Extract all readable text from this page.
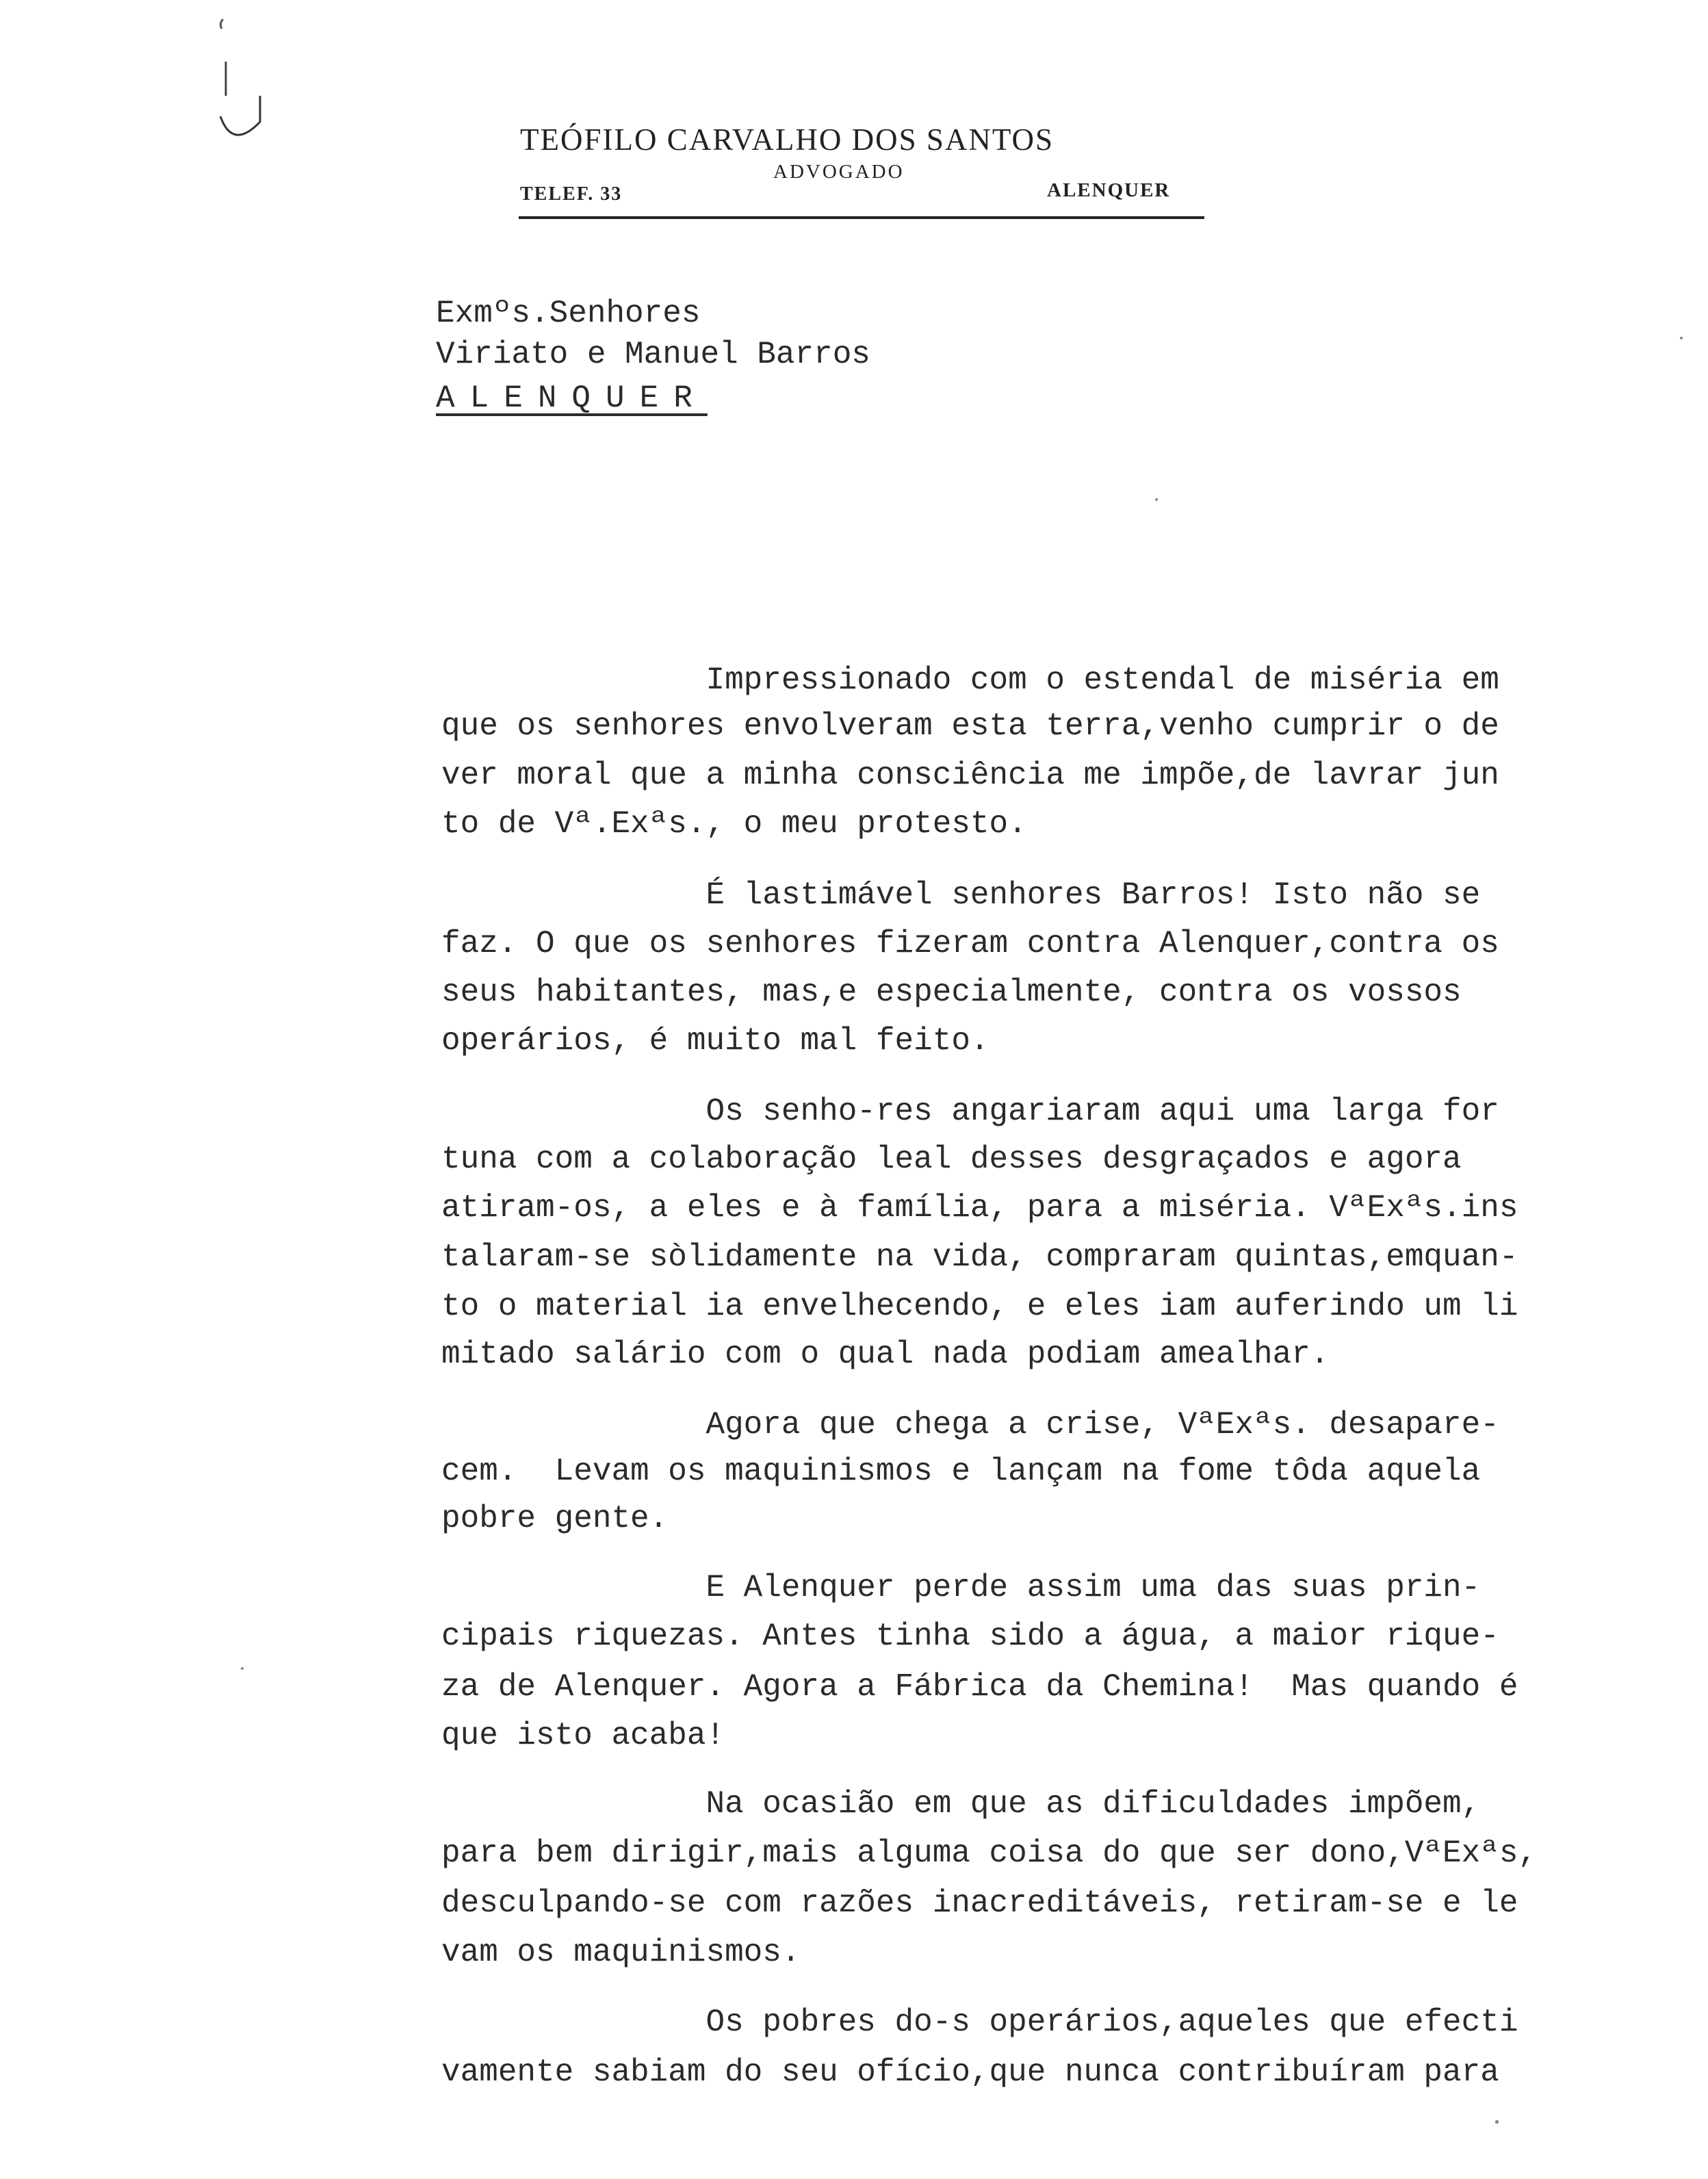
TEÓFILO CARVALHO DOS SANTOS
ADVOGADO
TELEF. 33	ALENQUER
Exmºs.Senhores
Viriato e Manuel Barros
ALENQUER
Impressionado com o estendal de miséria em
que os senhores envolveram esta terra,venho cumprir o de
ver moral que a minha consciência me impõe,de lavrar jun
to de Vª.Exªs., o meu protesto.
É lastimável senhores Barros! Isto não se
faz. O que os senhores fizeram contra Alenquer,contra os
seus habitantes, mas,e especialmente, contra os vossos
operários, é muito mal feito.
Os senho-res angariaram aqui uma larga for
tuna com a colaboração leal desses desgraçados e agora
atiram-os, a eles e à família, para a miséria. VªExªs.ins
talaram-se sòlidamente na vida, compraram quintas,emquan-
to o material ia envelhecendo, e eles iam auferindo um li
mitado salário com o qual nada podiam amealhar.
Agora que chega a crise, VªExªs. desapare-
cem.  Levam os maquinismos e lançam na fome tôda aquela
pobre gente.
E Alenquer perde assim uma das suas prin-
cipais riquezas. Antes tinha sido a água, a maior rique-
za de Alenquer. Agora a Fábrica da Chemina!  Mas quando é
que isto acaba!
Na ocasião em que as dificuldades impõem,
para bem dirigir,mais alguma coisa do que ser dono,VªExªs,
desculpando-se com razões inacreditáveis, retiram-se e le
vam os maquinismos.
Os pobres do-s operários,aqueles que efecti
vamente sabiam do seu ofício,que nunca contribuíram para
